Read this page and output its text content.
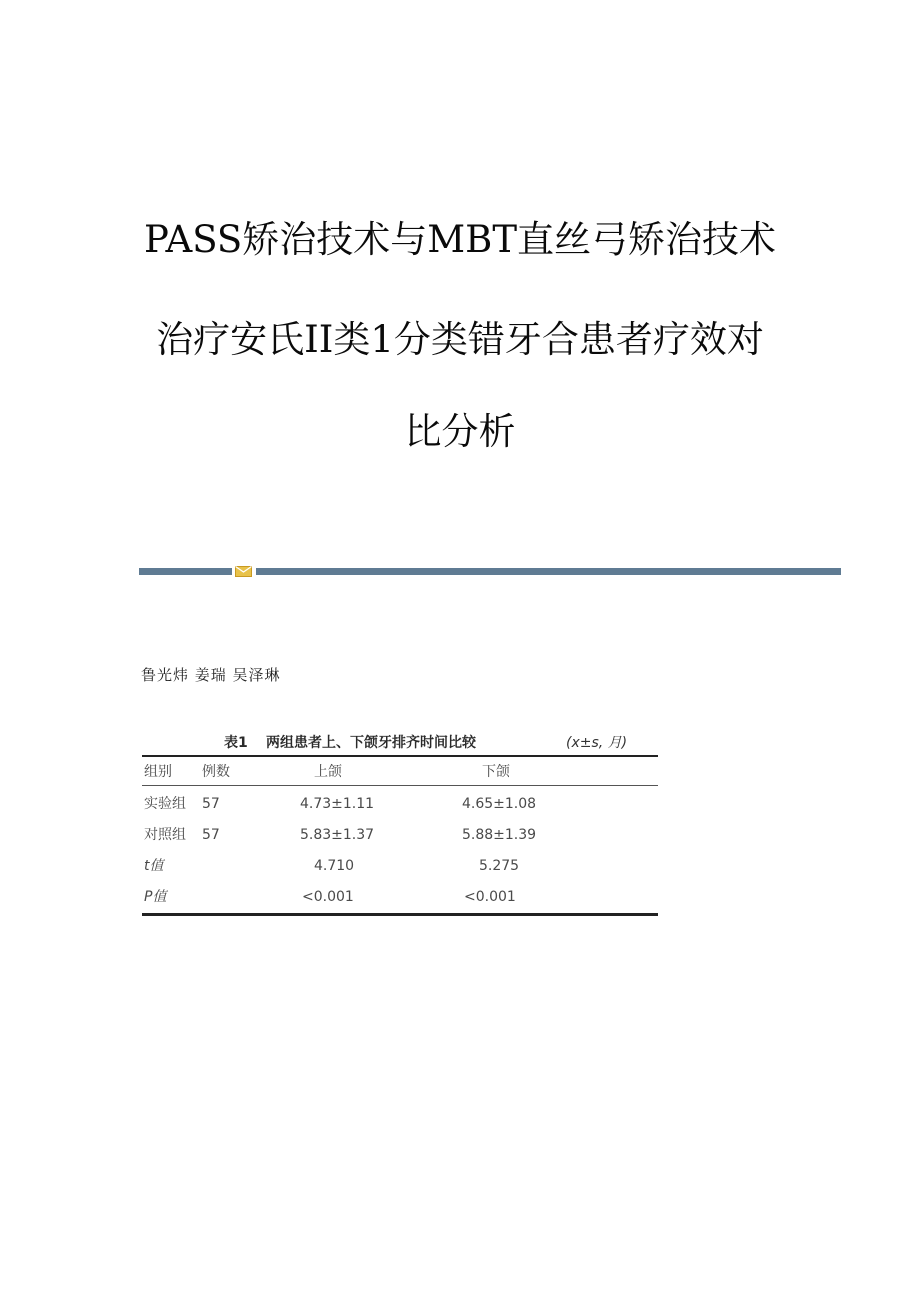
PASS矫治技术与MBT直丝弓矫治技术
治疗安氏II类1分类错牙合患者疗效对
比分析
鲁光炜 姜瑞 吴泽琳
表1 两组患者上、下颌牙排齐时间比较	(x±s, 月)
组别 例数	上颌	下颌
实验组 57	4.73±1.11	4.65±1.08
对照组 57	5.83±1.37	5.88±1.39
t值	4.710	5.275
P值	<0.001	<0.001
